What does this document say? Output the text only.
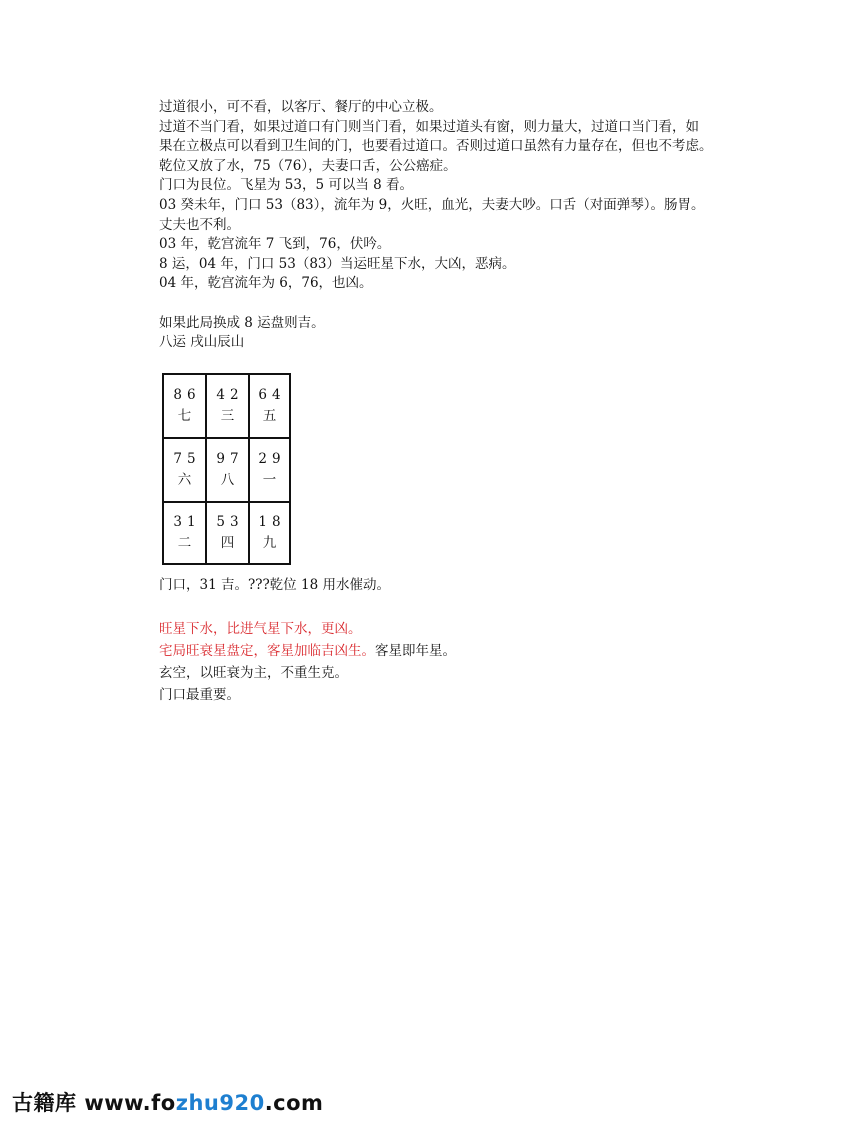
过道很小，可不看，以客厅、餐厅的中心立极。
过道不当门看，如果过道口有门则当门看，如果过道头有窗，则力量大，过道口当门看，如
果在立极点可以看到卫生间的门，也要看过道口。否则过道口虽然有力量存在，但也不考虑。
乾位又放了水，75（76），夫妻口舌，公公癌症。
门口为艮位。飞星为 53，5 可以当 8 看。
03 癸未年，门口 53（83），流年为 9，火旺，血光，夫妻大吵。口舌（对面弹琴）。肠胃。
丈夫也不利。
03 年，乾宫流年 7 飞到，76，伏吟。
8 运，04 年，门口 53（83）当运旺星下水，大凶，恶病。
04 年，乾宫流年为 6，76，也凶。
如果此局换成 8 运盘则吉。
八运 戌山辰山
86
七
42
三
64
五
75
六
97
八
29
一
31
二
53
四
18
九
门口，31 吉。???乾位 18 用水催动。
旺星下水，比进气星下水，更凶。
宅局旺衰星盘定，客星加临吉凶生。客星即年星。
玄空，以旺衰为主，不重生克。
门口最重要。
古籍库 www.fozhu920.com
